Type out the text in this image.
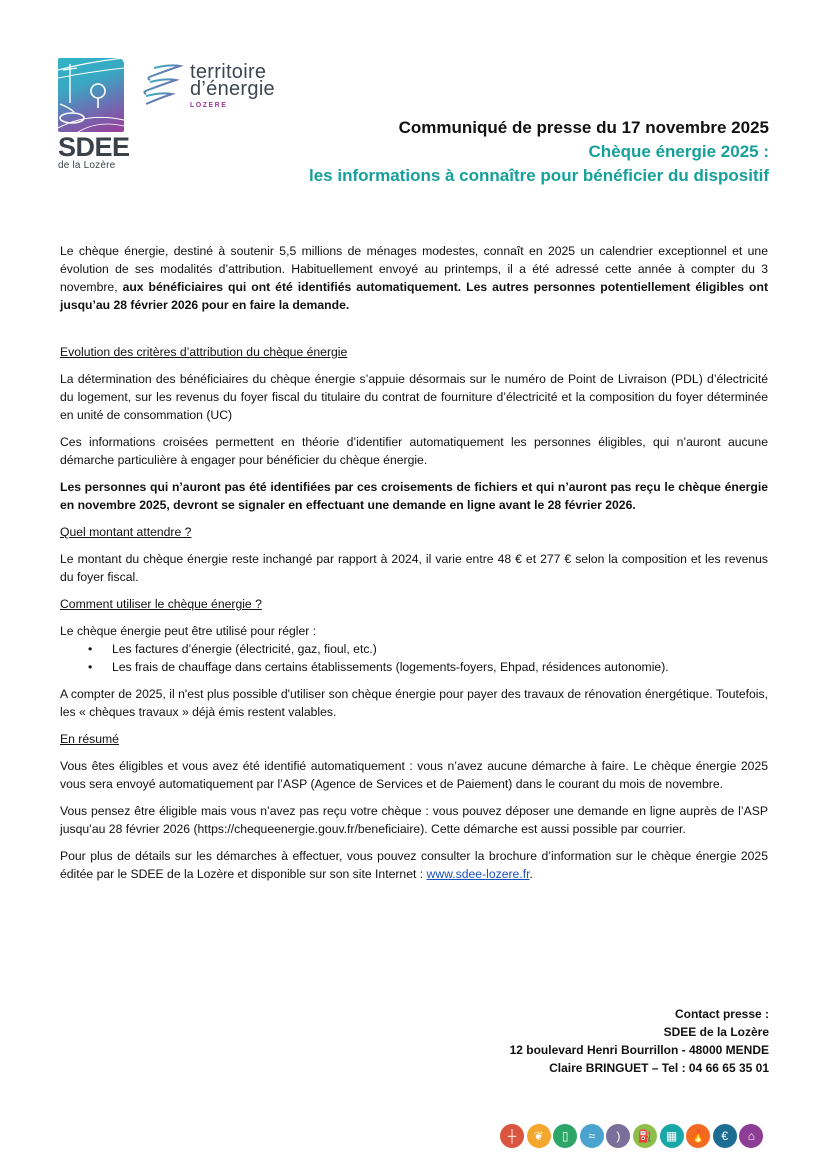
SDEE
de la Lozère
territoire
d’énergie
LOZERE
Communiqué de presse du 17 novembre 2025
Chèque énergie 2025 :
les informations à connaître pour bénéficier du dispositif

Le chèque énergie, destiné à soutenir 5,5 millions de ménages modestes, connaît en 2025 un calendrier exceptionnel et une évolution de ses modalités d’attribution. Habituellement envoyé au printemps, il a été adressé cette année à compter du 3 novembre, aux bénéficiaires qui ont été identifiés automatiquement. Les autres personnes potentiellement éligibles ont jusqu’au 28 février 2026 pour en faire la demande.

Evolution des critères d’attribution du chèque énergie

La détermination des bénéficiaires du chèque énergie s’appuie désormais sur le numéro de Point de Livraison (PDL) d’électricité du logement, sur les revenus du foyer fiscal du titulaire du contrat de fourniture d’électricité et la composition du foyer déterminée en unité de consommation (UC)

Ces informations croisées permettent en théorie d’identifier automatiquement les personnes éligibles, qui n’auront aucune démarche particulière à engager pour bénéficier du chèque énergie.

Les personnes qui n’auront pas été identifiées par ces croisements de fichiers et qui n’auront pas reçu le chèque énergie en novembre 2025, devront se signaler en effectuant une demande en ligne avant le 28 février 2026.

Quel montant attendre ?

Le montant du chèque énergie reste inchangé par rapport à 2024, il varie entre 48 € et 277 € selon la composition et les revenus du foyer fiscal.

Comment utiliser le chèque énergie ?

Le chèque énergie peut être utilisé pour régler :

• Les factures d’énergie (électricité, gaz, fioul, etc.)
• Les frais de chauffage dans certains établissements (logements-foyers, Ehpad, résidences autonomie).

A compter de 2025, il n'est plus possible d'utiliser son chèque énergie pour payer des travaux de rénovation énergétique. Toutefois, les « chèques travaux » déjà émis restent valables.

En résumé

Vous êtes éligibles et vous avez été identifié automatiquement : vous n’avez aucune démarche à faire. Le chèque énergie 2025 vous sera envoyé automatiquement par l’ASP (Agence de Services et de Paiement) dans le courant du mois de novembre.

Vous pensez être éligible mais vous n’avez pas reçu votre chèque : vous pouvez déposer une demande en ligne auprès de l’ASP jusqu’au 28 février 2026 (https://chequeenergie.gouv.fr/beneficiaire). Cette démarche est aussi possible par courrier.

Pour plus de détails sur les démarches à effectuer, vous pouvez consulter la brochure d’information sur le chèque énergie 2025 éditée par le SDEE de la Lozère et disponible sur son site Internet : www.sdee-lozere.fr.

Contact presse :
SDEE de la Lozère
12 boulevard Henri Bourrillon - 48000 MENDE
Claire BRINGUET – Tel : 04 66 65 35 01
┼ ❦ ▯ ≈ ) ⛽ ▦ 🔥 € ⌂
